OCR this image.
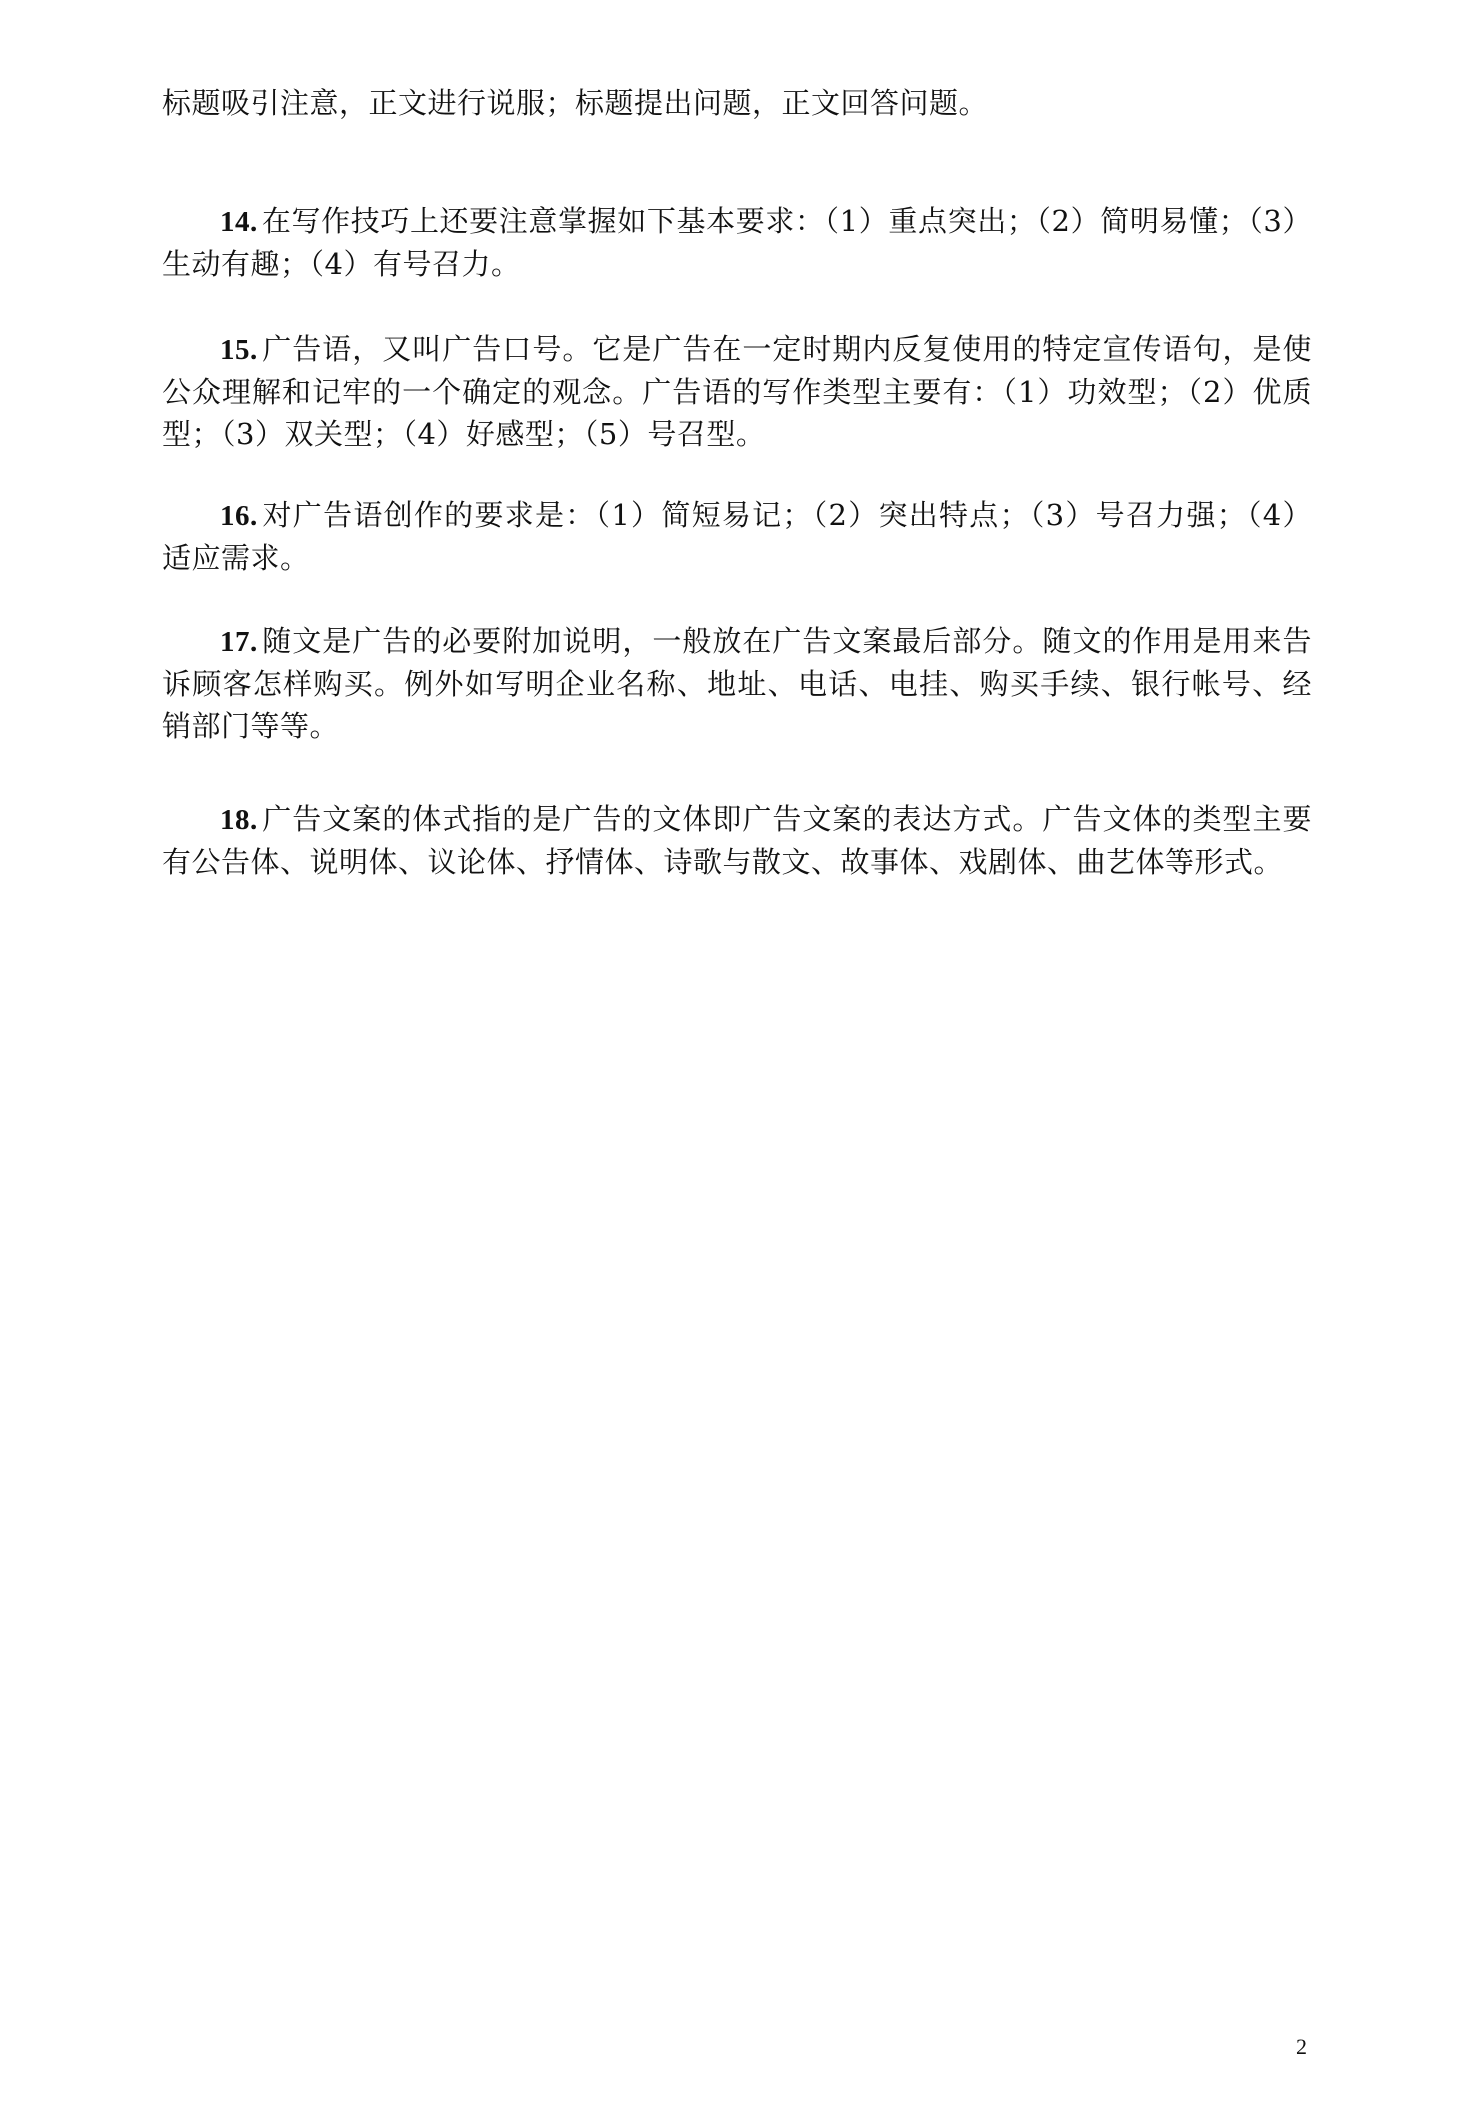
标题吸引注意，正文进行说服；标题提出问题，正文回答问题。

14. 在写作技巧上还要注意掌握如下基本要求：（1）重点突出；（2）简明易懂；（3）生动有趣；（4）有号召力。

15. 广告语，又叫广告口号。它是广告在一定时期内反复使用的特定宣传语句，是使公众理解和记牢的一个确定的观念。广告语的写作类型主要有：（1）功效型；（2）优质型；（3）双关型；（4）好感型；（5）号召型。

16. 对广告语创作的要求是：（1）简短易记；（2）突出特点；（3）号召力强；（4）适应需求。

17. 随文是广告的必要附加说明，一般放在广告文案最后部分。随文的作用是用来告诉顾客怎样购买。例外如写明企业名称、地址、电话、电挂、购买手续、银行帐号、经销部门等等。

18. 广告文案的体式指的是广告的文体即广告文案的表达方式。广告文体的类型主要有公告体、说明体、议论体、抒情体、诗歌与散文、故事体、戏剧体、曲艺体等形式。

2
